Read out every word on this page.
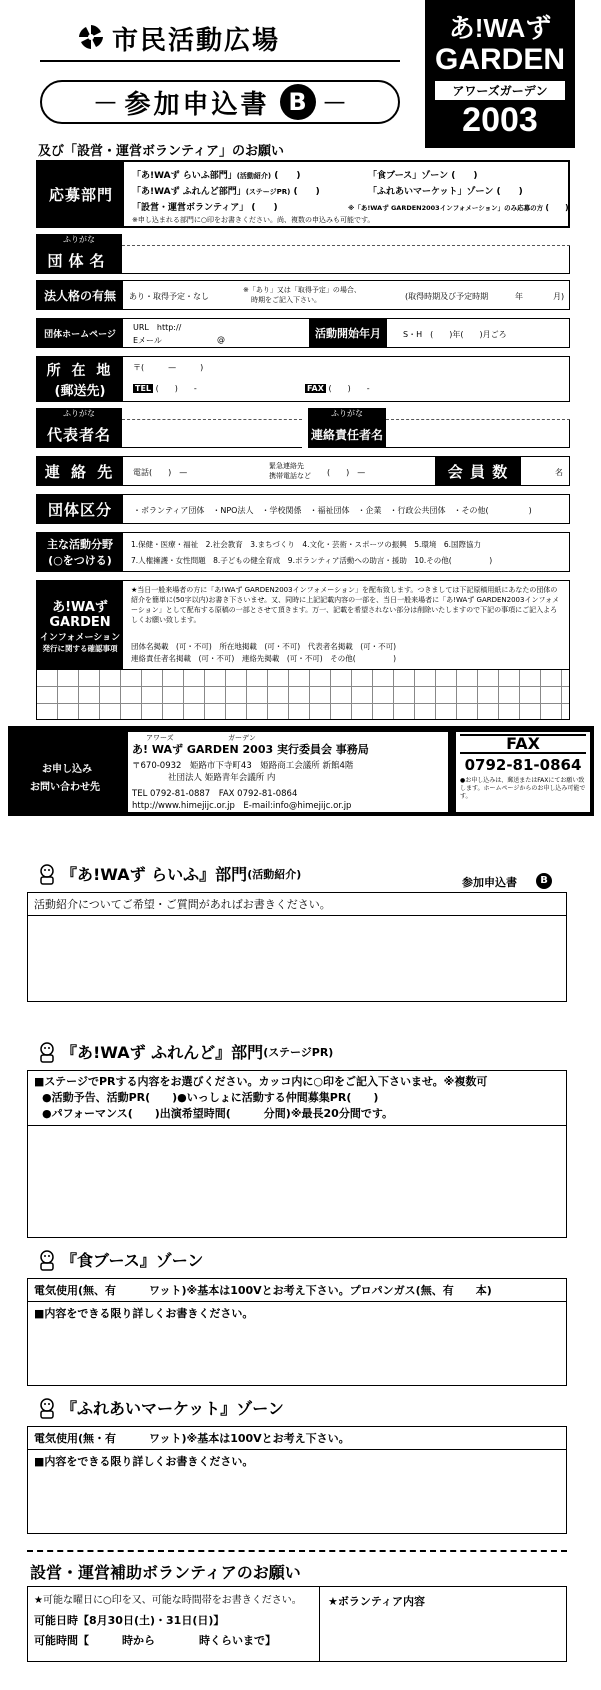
市民活動広場
— 参加申込書 B —
あ!WAず
GARDEN
アワーズガーデン
2003
及び「設営・運営ボランティア」のお願い
応募部門
「あ!WAず らいふ部門」(活動紹介) (　　)	「食ブース」ゾーン (　　)
「あ!WAず ふれんど部門」(ステージPR) (　　)	「ふれあいマーケット」ゾーン (　　)
「設営・運営ボランティア」 (　　)	※「あ!WAず GARDEN2003インフォメーション」のみ応募の方 (　　)
※申し込まれる部門に○印をお書きください。尚、複数の申込みも可能です。
ふりがな
団体名
法人格の有無	あり・取得予定・なし
※「あり」又は「取得予定」の場合、
時期をご記入下さい。	(取得時期及び予定時期	年	月)
団体ホームページ
URL　http://
Eメール	@	活動開始年月	S・H　(　　)年(　　)月ごろ
所 在 地
(郵送先)
〒(　　　—　　　)
TEL (　　)　　-	FAX (　　)　　-
ふりがな
代表者名
ふりがな
連絡責任者名
連 絡 先	電話(　　)　—
緊急連絡先
携帯電話など (　　)　—	会 員 数	名
団体区分	・ボランティア団体　・NPO法人　・学校関係　・福祉団体　・企業　・行政公共団体　・その他(　　　　　)
主な活動分野
(○をつける)
1.保健・医療・福祉　2.社会教育　3.まちづくり　4.文化・芸術・スポーツの振興　5.環境　6.国際協力
7.人権擁護・女性問題　8.子どもの健全育成　9.ボランティア活動への助言・援助　10.その他(　　　　　)
あ!WAず
GARDEN
インフォメーション
発行に関する確認事項
★当日一般来場者の方に「あ!WAず GARDEN2003インフォメーション」を配布致します。つきましては下記原稿用紙にあなたの団体の紹介を簡単に(50字以内)お書き下さいませ。又、同時に上記記載内容の一部を、当日一般来場者に「あ!WAず GARDEN2003インフォメーション」として配布する原稿の一部とさせて頂きます。万一、記載を希望されない部分は削除いたしますので下記の事項にご記入よろしくお願い致します。
団体名掲載　(可・不可)　所在地掲載　(可・不可)　代表者名掲載　(可・不可)
連絡責任者名掲載　(可・不可)　連絡先掲載　(可・不可)　その他(　　　　　)
お申し込み
お問い合わせ先
アワーズ	ガーデン
あ! WAず GARDEN 2003 実行委員会 事務局
〒670-0932　姫路市下寺町43　姫路商工会議所 新館4階
社団法人 姫路青年会議所 内
TEL 0792-81-0887　FAX 0792-81-0864
http://www.himejijc.or.jp　E-mail:info@himejijc.or.jp
FAX
0792-81-0864
●お申し込みは、郵送またはFAXにてお願い致します。ホームページからのお申し込み可能です。
参加申込書	B
『あ!WAず らいふ』部門 (活動紹介)
活動紹介についてご希望・ご質問があればお書きください。
『あ!WAず ふれんど』部門 (ステージPR)
■ステージでPRする内容をお選びください。カッコ内に○印をご記入下さいませ。※複数可
●活動予告、活動PR(　　)●いっしょに活動する仲間募集PR(　　)
●パフォーマンス(　　)出演希望時間(　　　分間)※最長20分間です。
『食ブース』ゾーン
電気使用(無、有　　　ワット)※基本は100Vとお考え下さい。プロパンガス(無、有　　本)
■内容をできる限り詳しくお書きください。
『ふれあいマーケット』ゾーン
電気使用(無・有　　　ワット)※基本は100Vとお考え下さい。
■内容をできる限り詳しくお書きください。
設営・運営補助ボランティアのお願い
★可能な曜日に○印を又、可能な時間帯をお書きください。
可能日時【8月30日(土)・31日(日)】
可能時間【　　　時から　　　　時くらいまで】
★ボランティア内容
